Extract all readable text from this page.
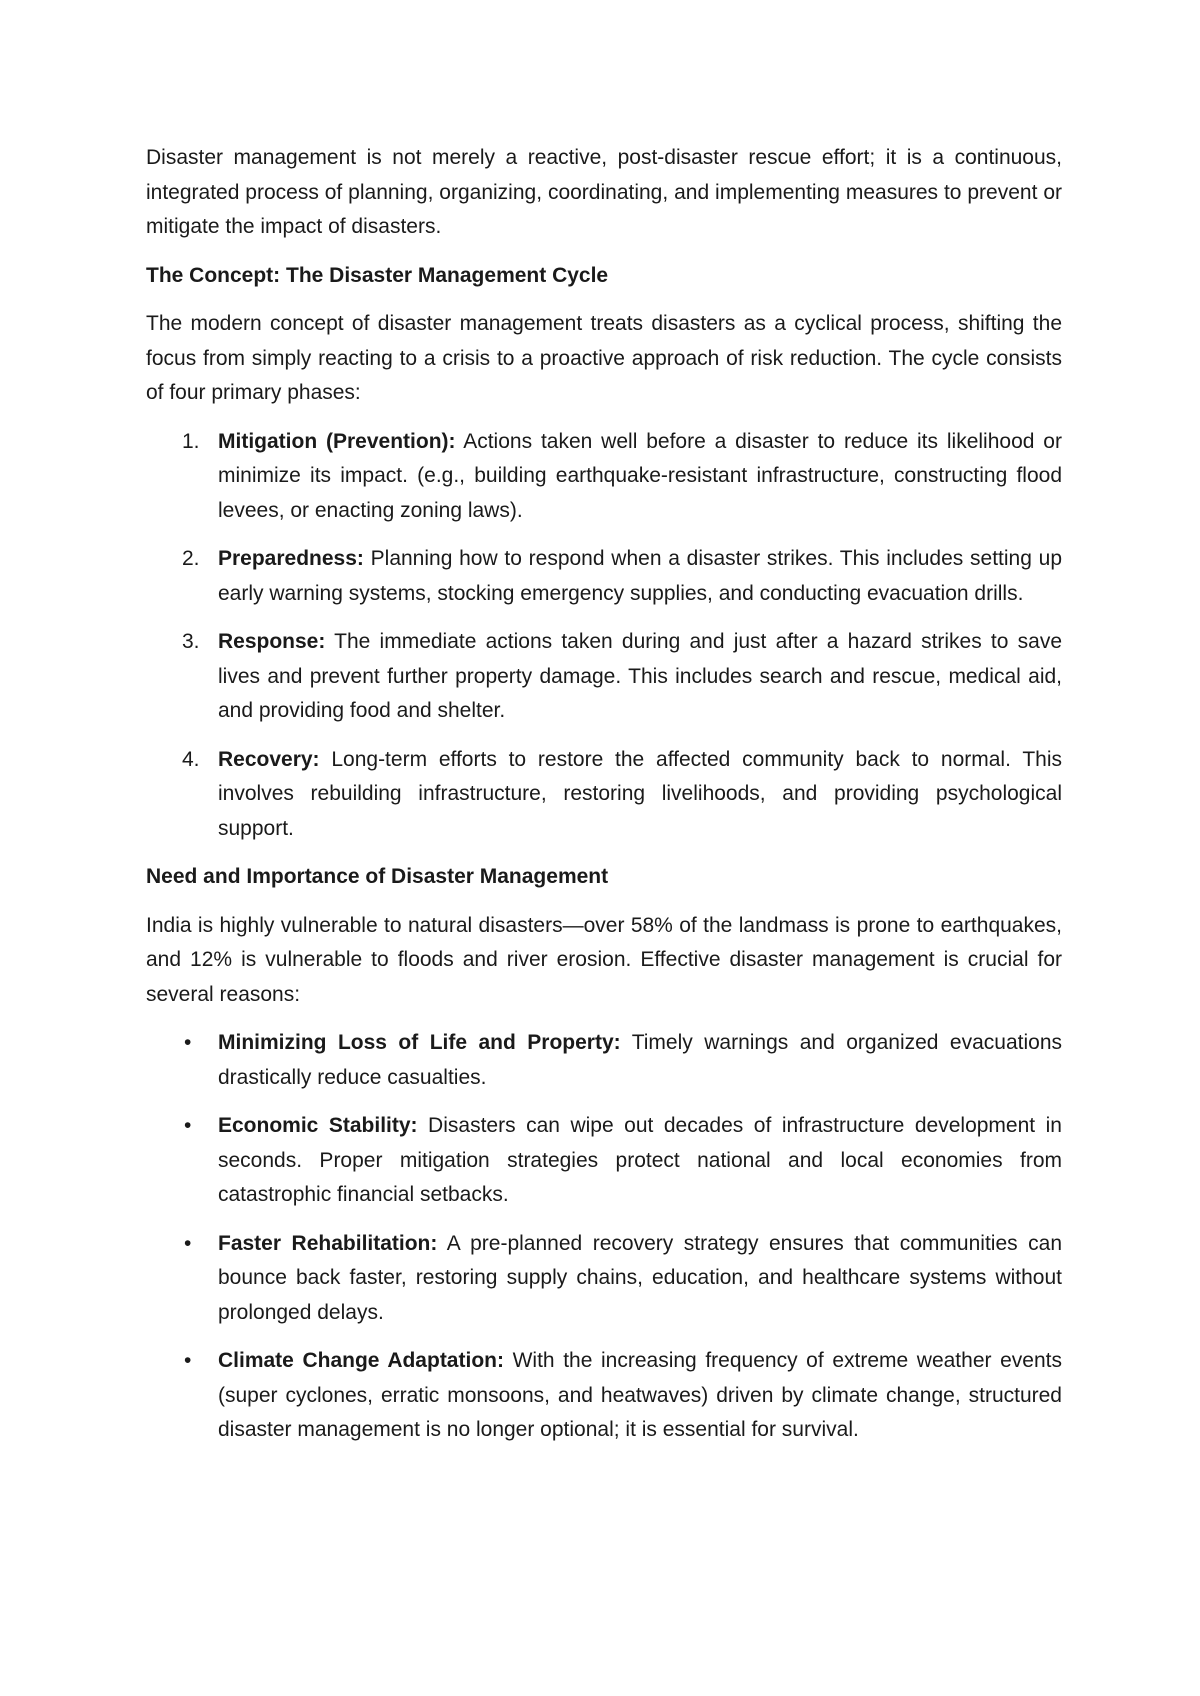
Disaster management is not merely a reactive, post-disaster rescue effort; it is a continuous, integrated process of planning, organizing, coordinating, and implementing measures to prevent or mitigate the impact of disasters.

The Concept: The Disaster Management Cycle

The modern concept of disaster management treats disasters as a cyclical process, shifting the focus from simply reacting to a crisis to a proactive approach of risk reduction. The cycle consists of four primary phases:

1. Mitigation (Prevention): Actions taken well before a disaster to reduce its likelihood or minimize its impact. (e.g., building earthquake-resistant infrastructure, constructing flood levees, or enacting zoning laws).
2. Preparedness: Planning how to respond when a disaster strikes. This includes setting up early warning systems, stocking emergency supplies, and conducting evacuation drills.
3. Response: The immediate actions taken during and just after a hazard strikes to save lives and prevent further property damage. This includes search and rescue, medical aid, and providing food and shelter.
4. Recovery: Long-term efforts to restore the affected community back to normal. This involves rebuilding infrastructure, restoring livelihoods, and providing psychological support.

Need and Importance of Disaster Management

India is highly vulnerable to natural disasters—over 58% of the landmass is prone to earthquakes, and 12% is vulnerable to floods and river erosion. Effective disaster management is crucial for several reasons:

• Minimizing Loss of Life and Property: Timely warnings and organized evacuations drastically reduce casualties.
• Economic Stability: Disasters can wipe out decades of infrastructure development in seconds. Proper mitigation strategies protect national and local economies from catastrophic financial setbacks.
• Faster Rehabilitation: A pre-planned recovery strategy ensures that communities can bounce back faster, restoring supply chains, education, and healthcare systems without prolonged delays.
• Climate Change Adaptation: With the increasing frequency of extreme weather events (super cyclones, erratic monsoons, and heatwaves) driven by climate change, structured disaster management is no longer optional; it is essential for survival.
